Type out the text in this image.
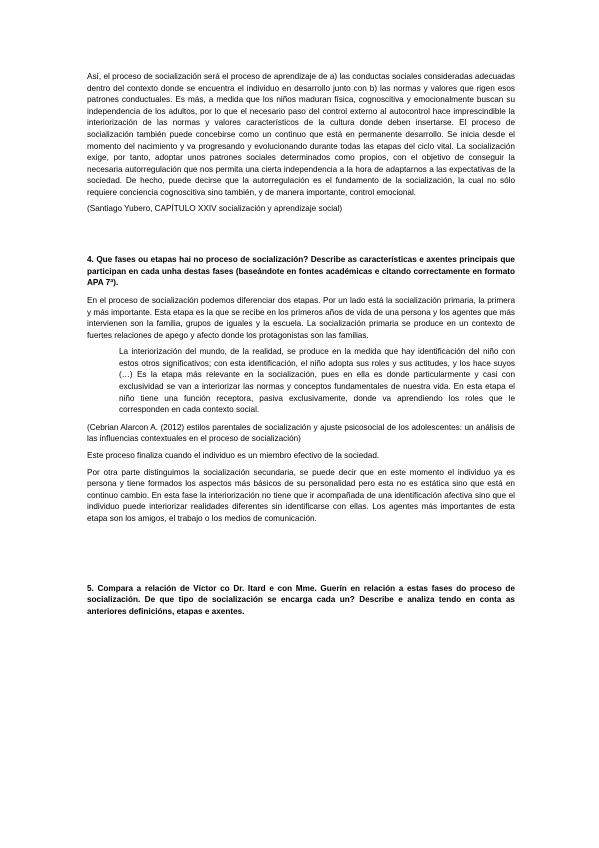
Así, el proceso de socialización será el proceso de aprendizaje de a) las conductas sociales consideradas adecuadas dentro del contexto donde se encuentra el individuo en desarrollo junto con b) las normas y valores que rigen esos patrones conductuales. Es más, a medida que los niños maduran física, cognoscitiva y emocionalmente buscan su independencia de los adultos, por lo que el necesario paso del control externo al autocontrol hace imprescindible la interiorización de las normas y valores característicos de la cultura donde deben insertarse. El proceso de socialización también puede concebirse como un continuo que está en permanente desarrollo. Se inicia desde el momento del nacimiento y va progresando y evolucionando durante todas las etapas del ciclo vital. La socialización exige, por tanto, adoptar unos patrones sociales determinados como propios, con el objetivo de conseguir la necesaria autorregulación que nos permita una cierta independencia a la hora de adaptarnos a las expectativas de la sociedad. De hecho, puede decirse que la autorregulación es el fundamento de la socialización, la cual no sólo requiere conciencia cognoscitiva sino también, y de manera importante, control emocional.

(Santiago Yubero, CAPÍTULO XXIV socialización y aprendizaje social)

4. Que fases ou etapas hai no proceso de socialización? Describe as características e axentes principais que participan en cada unha destas fases (baseándote en fontes académicas e citando correctamente en formato APA 7ª).

En el proceso de socialización podemos diferenciar dos etapas. Por un lado está la socialización primaria, la primera y más importante. Esta etapa es la que se recibe en los primeros años de vida de una persona y los agentes que más intervienen son la familia, grupos de iguales y la escuela. La socialización primaria se produce en un contexto de fuertes relaciones de apego y afecto donde los protagonistas son las familias.

La interiorización del mundo, de la realidad, se produce en la medida que hay identificación del niño con estos otros significativos; con esta identificación, el niño adopta sus roles y sus actitudes, y los hace suyos (…) Es la etapa más relevante en la socialización, pues en ella es donde particularmente y casi con exclusividad se van a interiorizar las normas y conceptos fundamentales de nuestra vida. En esta etapa el niño tiene una función receptora, pasiva exclusivamente, donde va aprendiendo los roles que le corresponden en cada contexto social.

(Cebrian Alarcon A. (2012) estilos parentales de socialización y ajuste psicosocial de los adolescentes: un análisis de las influencias contextuales en el proceso de socialización)

Este proceso finaliza cuando el individuo es un miembro efectivo de la sociedad.

Por otra parte distinguimos la socialización secundaria, se puede decir que en este momento el individuo ya es persona y tiene formados los aspectos más básicos de su personalidad pero esta no es estática sino que está en continuo cambio. En esta fase la interiorización no tiene que ir acompañada de una identificación afectiva sino que el individuo puede interiorizar realidades diferentes sin identificarse con ellas. Los agentes más importantes de esta etapa son los amigos, el trabajo o los medios de comunicación.

5. Compara a relación de Víctor co Dr. Itard e con Mme. Guerín en relación a estas fases do proceso de socialización. De que tipo de socialización se encarga cada un? Describe e analiza tendo en conta as anteriores definicións, etapas e axentes.
